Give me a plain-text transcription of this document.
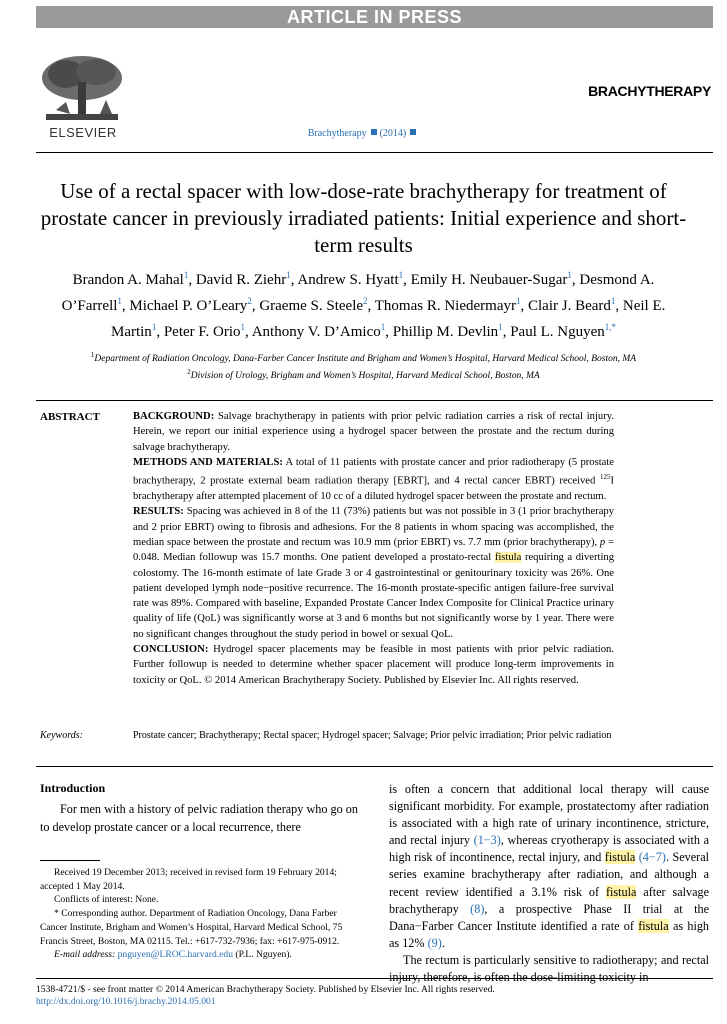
ARTICLE IN PRESS
ELSEVIER
BRACHYTHERAPY
Brachytherapy (2014)
Use of a rectal spacer with low-dose-rate brachytherapy for treatment of prostate cancer in previously irradiated patients: Initial experience and short-term results
Brandon A. Mahal$^1$, David R. Ziehr$^1$, Andrew S. Hyatt$^1$, Emily H. Neubauer-Sugar$^1$, Desmond A. O’Farrell$^1$, Michael P. O’Leary$^2$, Graeme S. Steele$^2$, Thomas R. Niedermayr$^1$, Clair J. Beard$^1$, Neil E. Martin$^1$, Peter F. Orio$^1$, Anthony V. D’Amico$^1$, Phillip M. Devlin$^1$, Paul L. Nguyen$^{1,*}$
$^1$Department of Radiation Oncology, Dana-Farber Cancer Institute and Brigham and Women’s Hospital, Harvard Medical School, Boston, MA
$^2$Division of Urology, Brigham and Women’s Hospital, Harvard Medical School, Boston, MA
ABSTRACT	BACKGROUND: Salvage brachytherapy in patients with prior pelvic radiation carries a risk of rectal injury. Herein, we report our initial experience using a hydrogel spacer between the prostate and the rectum during salvage brachytherapy.

METHODS AND MATERIALS: A total of 11 patients with prostate cancer and prior radiotherapy (5 prostate brachytherapy, 2 prostate external beam radiation therapy [EBRT], and 4 rectal cancer EBRT) received $^{125}$I brachytherapy after attempted placement of 10 cc of a diluted hydrogel spacer between the prostate and rectum.

RESULTS: Spacing was achieved in 8 of the 11 (73%) patients but was not possible in 3 (1 prior brachytherapy and 2 prior EBRT) owing to fibrosis and adhesions. For the 8 patients in whom spacing was accomplished, the median space between the prostate and rectum was 10.9 mm (prior EBRT) vs. 7.7 mm (prior brachytherapy), p = 0.048. Median followup was 15.7 months. One patient developed a prostato-rectal fistula requiring a diverting colostomy. The 16-month estimate of late Grade 3 or 4 gastrointestinal or genitourinary toxicity was 26%. One patient developed lymph node−positive recurrence. The 16-month prostate-specific antigen failure-free survival rate was 89%. Compared with baseline, Expanded Prostate Cancer Index Composite for Clinical Practice urinary quality of life (QoL) was significantly worse at 3 and 6 months but not significantly worse by 1 year. There were no significant changes throughout the study period in bowel or sexual QoL.

CONCLUSION: Hydrogel spacer placements may be feasible in most patients with prior pelvic radiation. Further followup is needed to determine whether spacer placement will produce long-term improvements in toxicity or QoL. © 2014 American Brachytherapy Society. Published by Elsevier Inc. All rights reserved.

Keywords:	Prostate cancer; Brachytherapy; Rectal spacer; Hydrogel spacer; Salvage; Prior pelvic irradiation; Prior pelvic radiation
Introduction
For men with a history of pelvic radiation therapy who go on to develop prostate cancer or a local recurrence, there

is often a concern that additional local therapy will cause significant morbidity. For example, prostatectomy after radiation is associated with a high rate of urinary incontinence, stricture, and rectal injury (1−3), whereas cryotherapy is associated with a high risk of incontinence, rectal injury, and fistula (4−7). Several series examine brachytherapy after radiation, and although a recent review identified a 3.1% risk of fistula after salvage brachytherapy (8), a prospective Phase II trial at the Dana−Farber Cancer Institute identified a rate of fistula as high as 12% (9).

The rectum is particularly sensitive to radiotherapy; and rectal

Received 19 December 2013; received in revised form 19 February 2014; accepted 1 May 2014.

Conflicts of interest: None.

* Corresponding author. Department of Radiation Oncology, Dana Farber Cancer Institute, Brigham and Women’s Hospital, Harvard Medical School, 75 Francis Street, Boston, MA 02115. Tel.: +617-732-7936; fax: +617-975-0912.

E-mail address: pnguyen@LROC.harvard.edu (P.L. Nguyen).

1538-4721/$ - see front matter © 2014 American Brachytherapy Society. Published by Elsevier Inc. All rights reserved.
http://dx.doi.org/10.1016/j.brachy.2014.05.001
